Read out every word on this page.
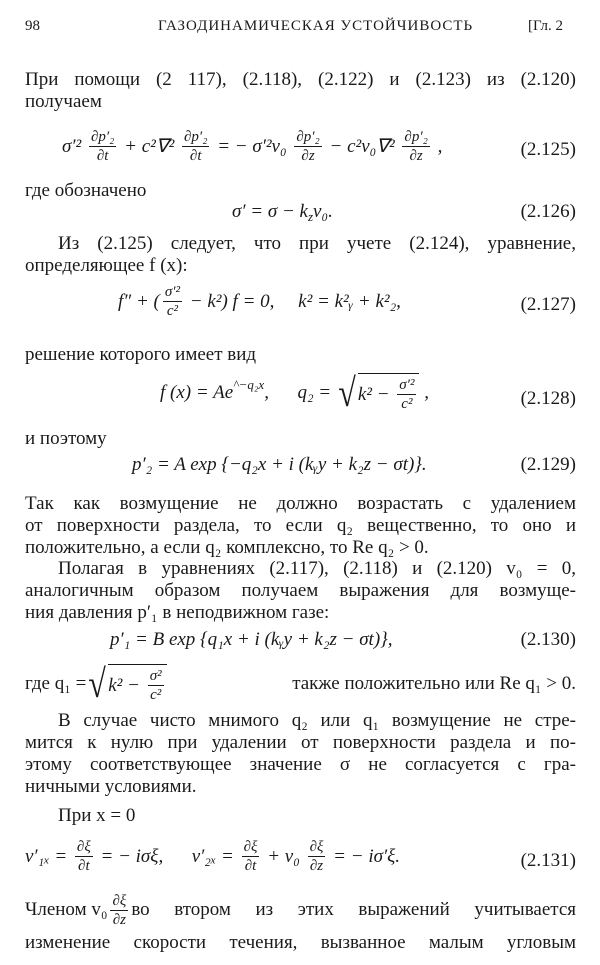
98	ГАЗОДИНАМИЧЕСКАЯ УСТОЙЧИВОСТЬ	[Гл. 2
При помощи (2 117), (2.118), (2.122) и (2.123) из (2.120)
получаем
$\sigma'^2 \frac{\text{∂p′₂}}{\partial t} + c^2\nabla^2 \frac{\text{∂p′₂}}{\partial t}$ = − $\sigma'^2v_0 \frac{\text{∂p′₂}}{\partial z} - c^2v_0\nabla^2 \frac{\text{∂p′₂}}{\partial z}$ ,	(2.125)
где обозначено
σ′ = σ − k z v₀.	(2.126)
Из (2.125) следует, что при учете (2.124), уравнение,
определяющее f (x):
f″ + ( $\frac{\text{σ′²}}{\text{c²}} - k^2$) f = 0,     k² = k²ᵧ + k²₂,	(2.127)
решение которого имеет вид
f (x) = Ae ^−q₂x ,      q₂ = √ $k^2 - \frac{\text{σ′²}}{\text{c²}}$ ,	(2.128)
и поэтому
p′₂ = A exp {−q₂x + i (kᵧy + k₂z − σt)}.	(2.129)
Так как возмущение не должно возрастать с удалением
от поверхности раздела, то если q₂ вещественно, то оно и
положительно, а если q₂ комплексно, то Re q₂ > 0.
Полагая в уравнениях (2.117), (2.118) и (2.120) v₀ = 0,
аналогичным образом получаем выражения для возмуще-
ния давления p′₁ в неподвижном газе:
p′₁ = B exp {q₁x + i (kᵧy + k₂z − σt)},	(2.130)
где q₁ = √ $k^2 - \frac{\text{σ²}}{\text{c²}}$	также положительно или Re q₁ > 0.
В случае чисто мнимого q₂ или q₁ возмущение не стре-
мится к нулю при удалении от поверхности раздела и по-
этому соответствующее значение σ не согласуется с гра-
ничными условиями.
При x = 0
$v'_{1x} = \frac{\partial\xi}{\partial t}$ = − iσξ,      $v'_{2x} = \frac{\partial\xi}{\partial t} + v_0 \frac{\partial\xi}{\partial z}$ = − iσ′ξ.	(2.131)
Членом $v_0 \frac{\partial\xi}{\partial z}$ во втором из этих выражений учитывается
изменение скорости течения, вызванное малым угловым
